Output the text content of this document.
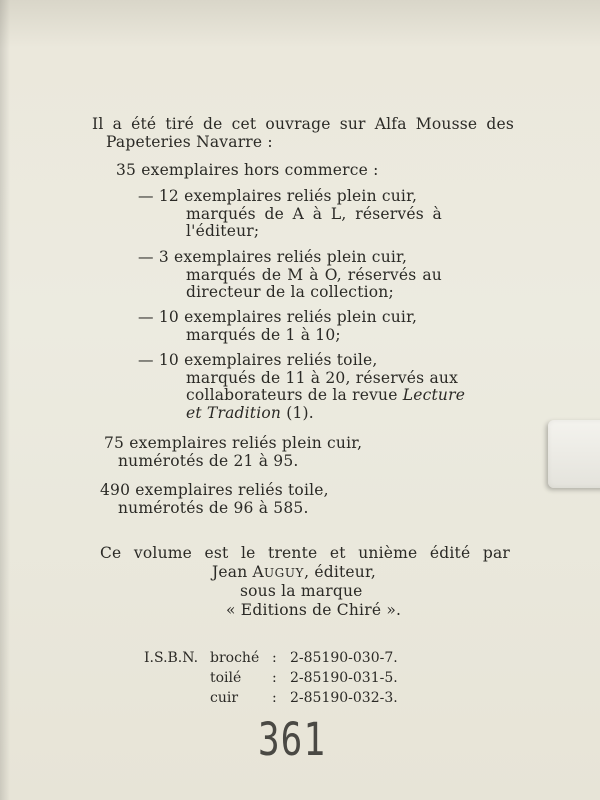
Il a été tiré de cet ouvrage sur Alfa Mousse des

Papeteries Navarre :

35 exemplaires hors commerce :

— 12 exemplaires reliés plein cuir,

marqués de A à L, réservés à

l'éditeur;

— 3 exemplaires reliés plein cuir,

marqués de M à O, réservés au

directeur de la collection;

— 10 exemplaires reliés plein cuir,

marqués de 1 à 10;

— 10 exemplaires reliés toile,

marqués de 11 à 20, réservés aux

collaborateurs de la revue Lecture

et Tradition (1).

75 exemplaires reliés plein cuir,

numérotés de 21 à 95.

490 exemplaires reliés toile,

numérotés de 96 à 585.

Ce volume est le trente et unième édité par

Jean AUGUY, éditeur,

sous la marque

« Editions de Chiré ».

I.S.B.N. broché : 2-85190-030-7.
toilé : 2-85190-031-5.
cuir : 2-85190-032-3.
361
